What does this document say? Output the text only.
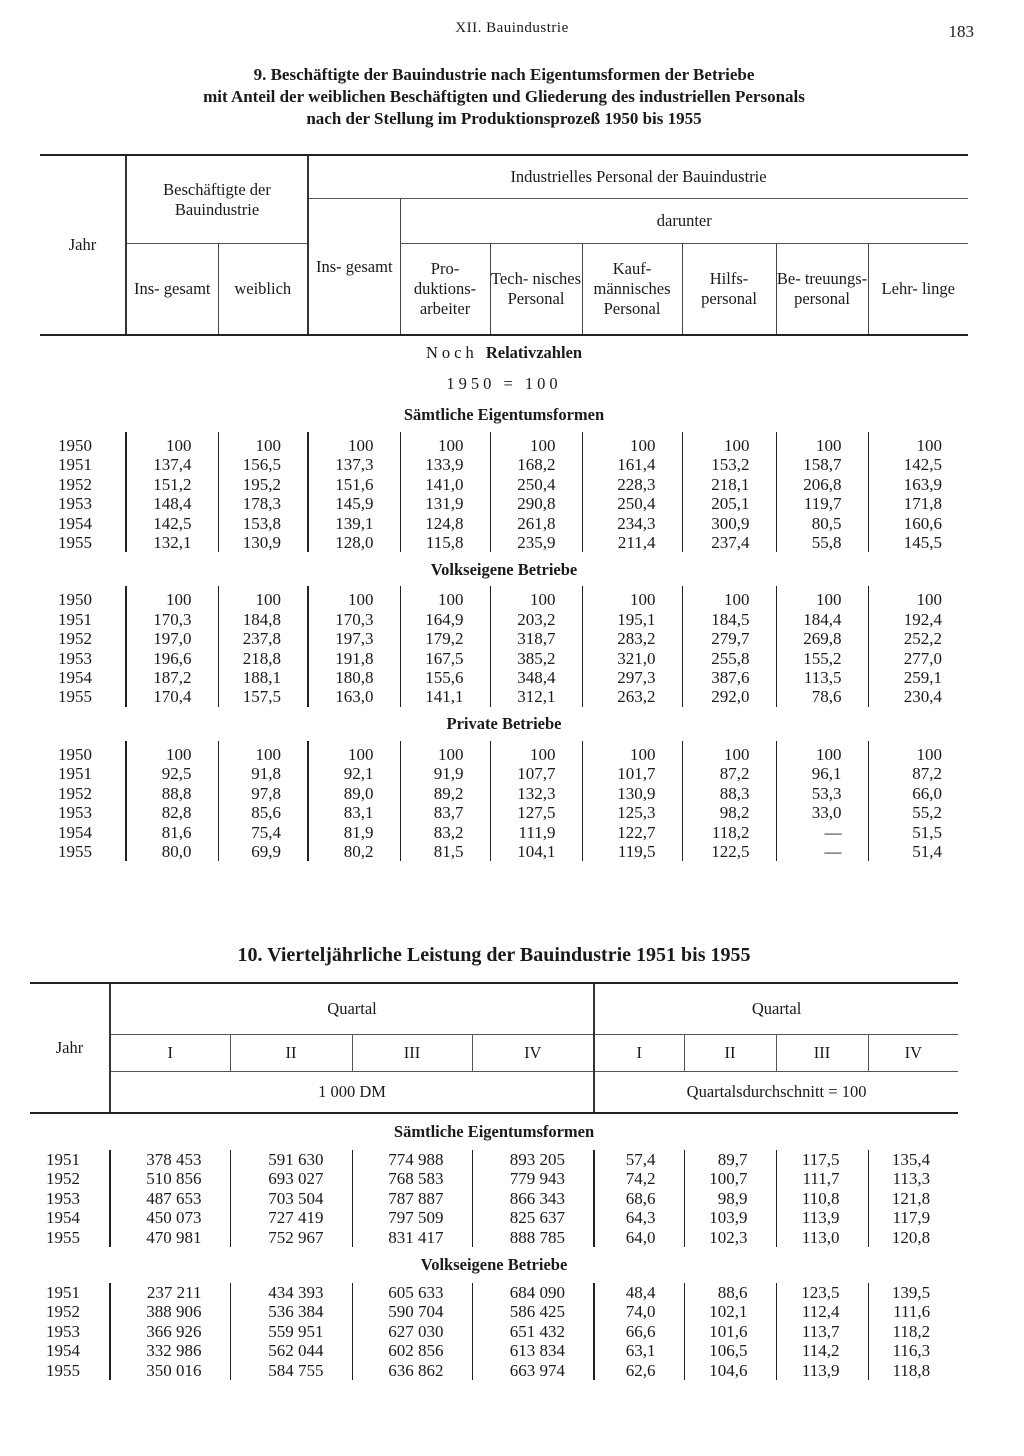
XII. Bauindustrie	183
9. Beschäftigte der Bauindustrie nach Eigentumsformen der Betriebe
mit Anteil der weiblichen Beschäftigten und Gliederung des industriellen Personals
nach der Stellung im Produktionsprozeß 1950 bis 1955
Jahr	Beschäftigte der Bauindustrie		Industrielles Personal der Bauindustrie						
			Ins- gesamt	darunter					
	Ins- gesamt	weiblich		Pro- duktions- arbeiter	Tech- nisches Personal	Kauf- männisches Personal	Hilfs- personal	Be- treuungs- personal	Lehr- linge
Noch Relativzahlen									
1950 = 100									
Sämtliche Eigentumsformen									
1950	100	100	100	100	100	100	100	100	100
1951	137,4	156,5	137,3	133,9	168,2	161,4	153,2	158,7	142,5
1952	151,2	195,2	151,6	141,0	250,4	228,3	218,1	206,8	163,9
1953	148,4	178,3	145,9	131,9	290,8	250,4	205,1	119,7	171,8
1954	142,5	153,8	139,1	124,8	261,8	234,3	300,9	80,5	160,6
1955	132,1	130,9	128,0	115,8	235,9	211,4	237,4	55,8	145,5
Volkseigene Betriebe									
1950	100	100	100	100	100	100	100	100	100
1951	170,3	184,8	170,3	164,9	203,2	195,1	184,5	184,4	192,4
1952	197,0	237,8	197,3	179,2	318,7	283,2	279,7	269,8	252,2
1953	196,6	218,8	191,8	167,5	385,2	321,0	255,8	155,2	277,0
1954	187,2	188,1	180,8	155,6	348,4	297,3	387,6	113,5	259,1
1955	170,4	157,5	163,0	141,1	312,1	263,2	292,0	78,6	230,4
Private Betriebe									
1950	100	100	100	100	100	100	100	100	100
1951	92,5	91,8	92,1	91,9	107,7	101,7	87,2	96,1	87,2
1952	88,8	97,8	89,0	89,2	132,3	130,9	88,3	53,3	66,0
1953	82,8	85,6	83,1	83,7	127,5	125,3	98,2	33,0	55,2
1954	81,6	75,4	81,9	83,2	111,9	122,7	118,2	—	51,5
1955	80,0	69,9	80,2	81,5	104,1	119,5	122,5	—	51,4
10. Vierteljährliche Leistung der Bauindustrie 1951 bis 1955
Jahr	Quartal				Quartal			
	I	II	III	IV	I	II	III	IV
	1 000 DM				Quartalsdurchschnitt = 100			
Sämtliche Eigentumsformen								
1951	378 453	591 630	774 988	893 205	57,4	89,7	117,5	135,4
1952	510 856	693 027	768 583	779 943	74,2	100,7	111,7	113,3
1953	487 653	703 504	787 887	866 343	68,6	98,9	110,8	121,8
1954	450 073	727 419	797 509	825 637	64,3	103,9	113,9	117,9
1955	470 981	752 967	831 417	888 785	64,0	102,3	113,0	120,8
Volkseigene Betriebe								
1951	237 211	434 393	605 633	684 090	48,4	88,6	123,5	139,5
1952	388 906	536 384	590 704	586 425	74,0	102,1	112,4	111,6
1953	366 926	559 951	627 030	651 432	66,6	101,6	113,7	118,2
1954	332 986	562 044	602 856	613 834	63,1	106,5	114,2	116,3
1955	350 016	584 755	636 862	663 974	62,6	104,6	113,9	118,8
